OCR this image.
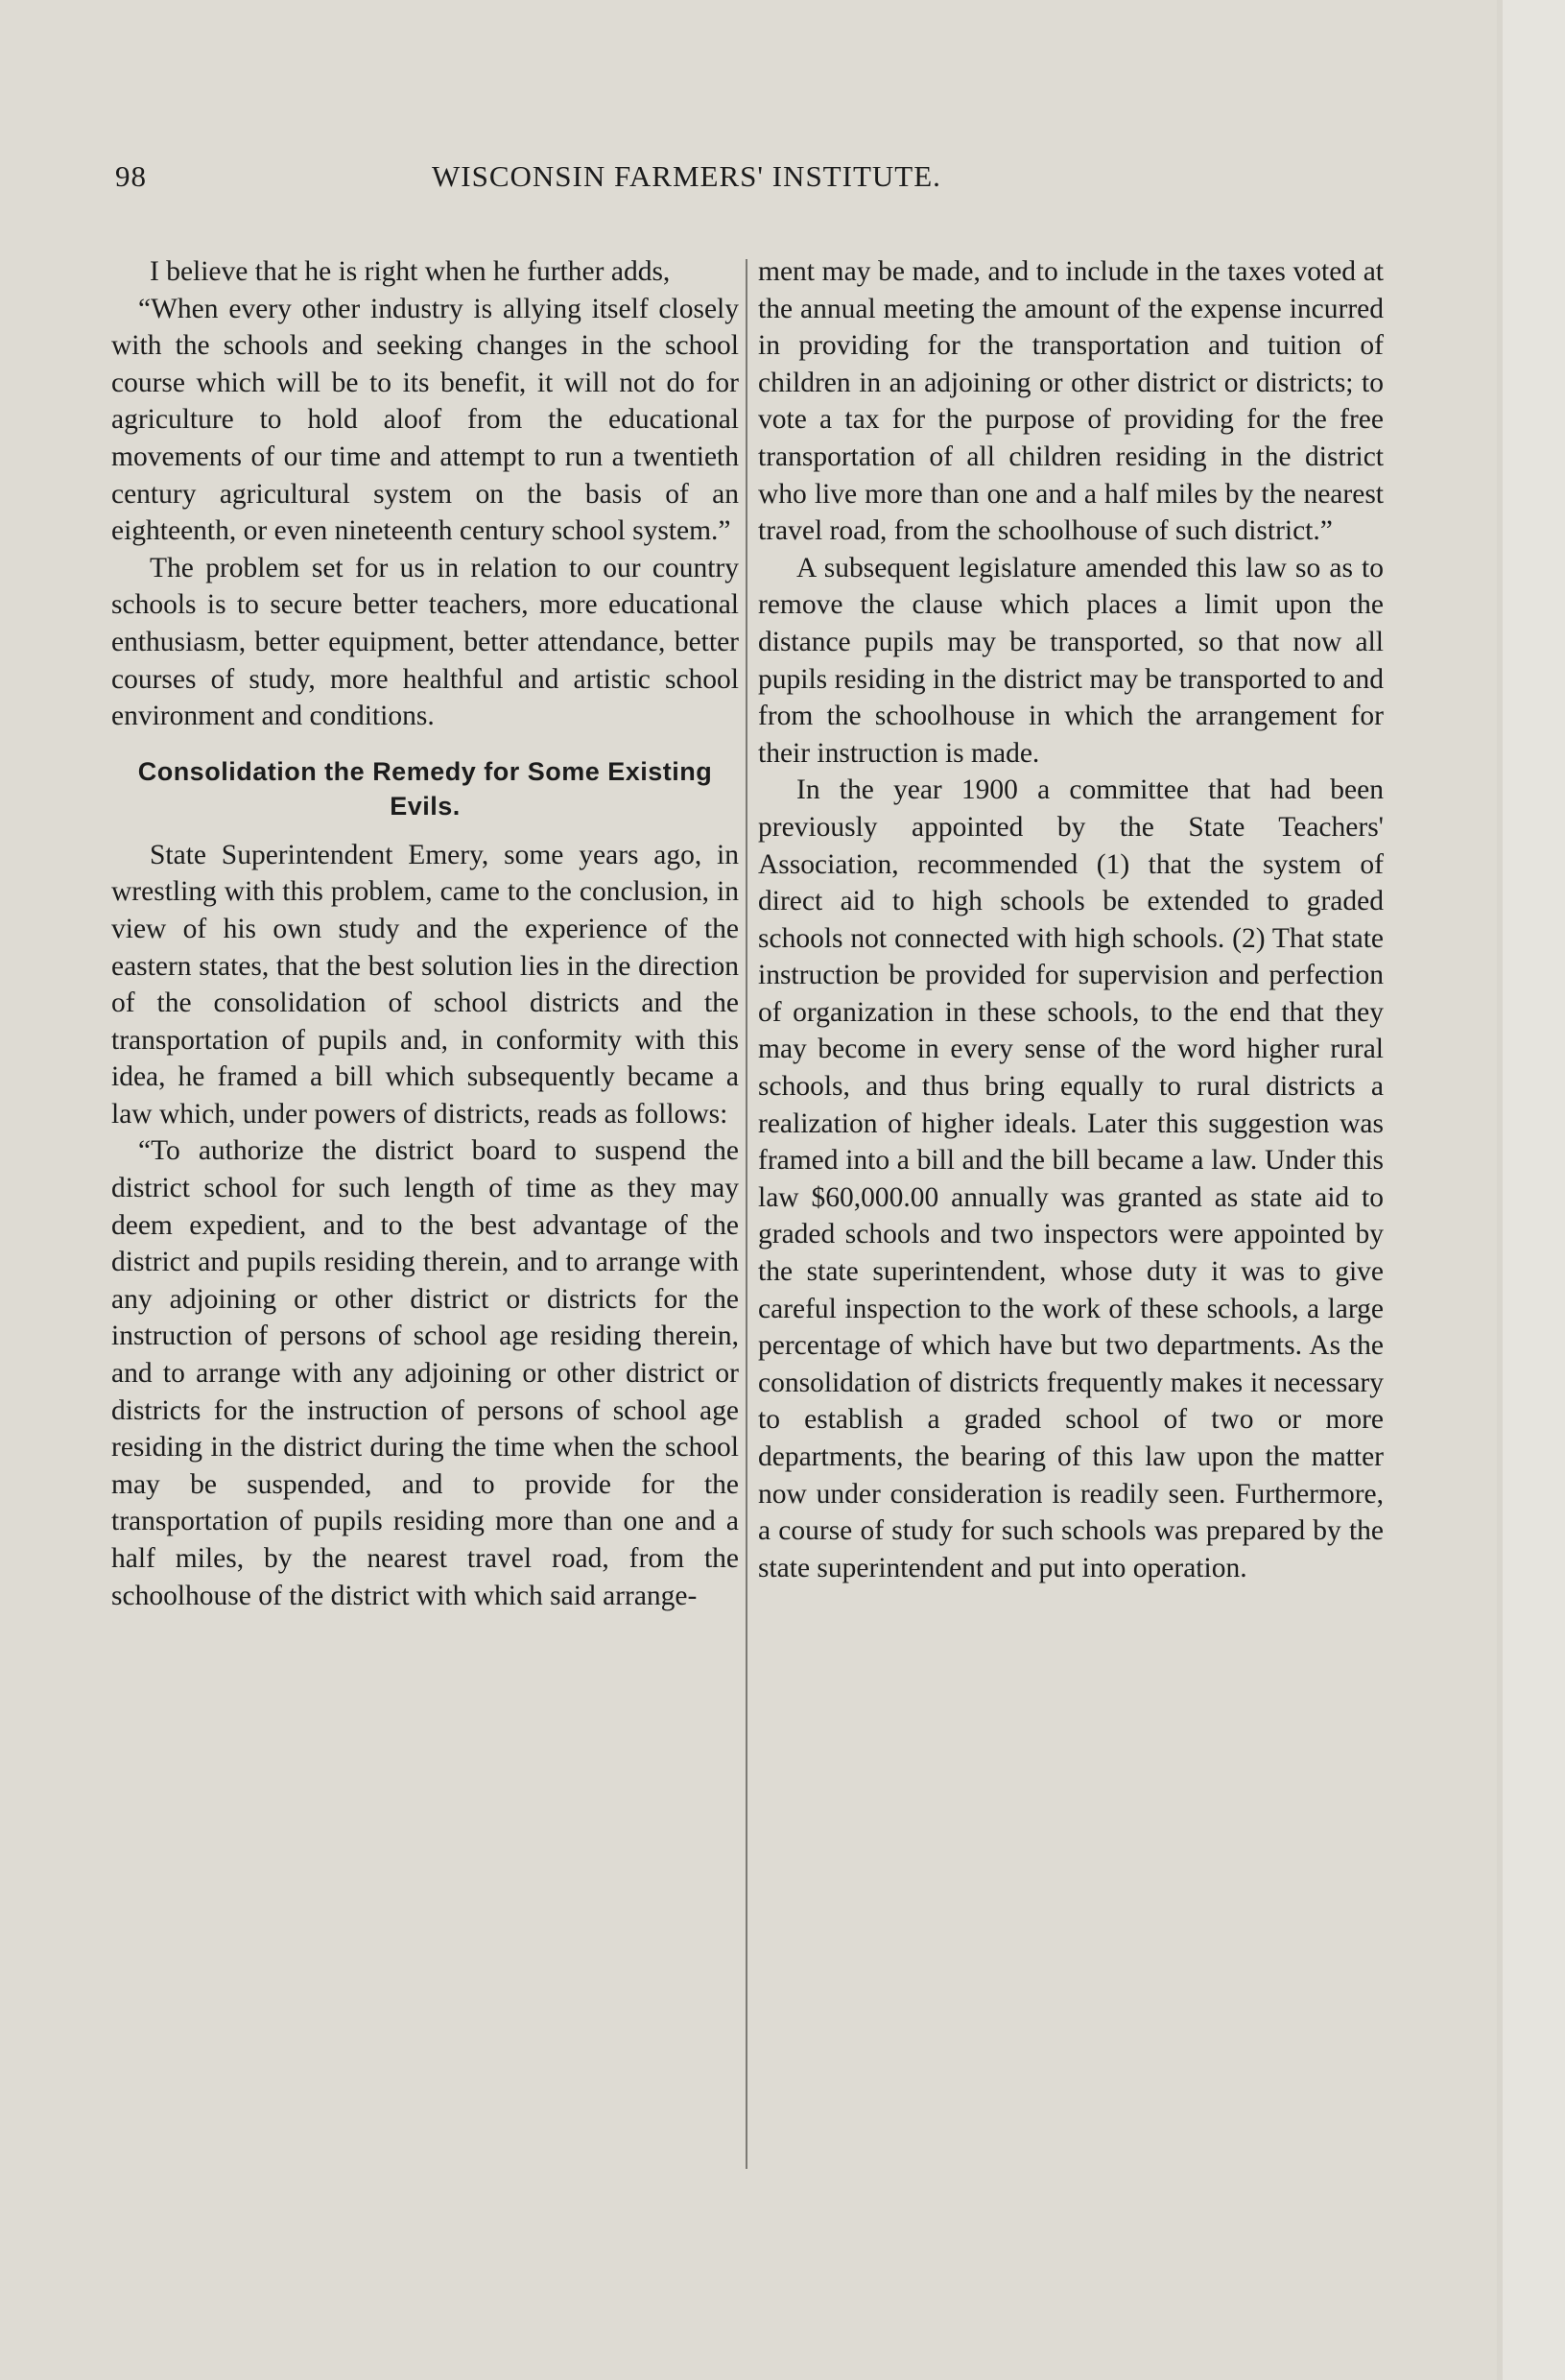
98	WISCONSIN FARMERS' INSTITUTE.

I believe that he is right when he further adds,

“When every other industry is allying itself closely with the schools and seeking changes in the school course which will be to its benefit, it will not do for agriculture to hold aloof from the educational movements of our time and attempt to run a twentieth century agricultural system on the basis of an eighteenth, or even nineteenth century school system.”

The problem set for us in relation to our country schools is to secure better teachers, more educational enthusiasm, better equipment, better attendance, better courses of study, more healthful and artistic school environment and conditions.

Consolidation the Remedy for Some Existing Evils.

State Superintendent Emery, some years ago, in wrestling with this problem, came to the conclusion, in view of his own study and the experience of the eastern states, that the best solution lies in the direction of the consolidation of school districts and the transportation of pupils and, in conformity with this idea, he framed a bill which subsequently became a law which, under powers of districts, reads as follows:

“To authorize the district board to suspend the district school for such length of time as they may deem expedient, and to the best advantage of the district and pupils residing therein, and to arrange with any adjoining or other district or districts for the instruction of persons of school age residing therein, and to arrange with any adjoining or other district or districts for the instruction of persons of school age residing in the district during the time when the school may be suspended, and to provide for the transportation of pupils residing more than one and a half miles, by the nearest travel road, from the schoolhouse of the district with which said arrange-

ment may be made, and to include in the taxes voted at the annual meeting the amount of the expense incurred in providing for the transportation and tuition of children in an adjoining or other district or districts; to vote a tax for the purpose of providing for the free transportation of all children residing in the district who live more than one and a half miles by the nearest travel road, from the schoolhouse of such district.”

A subsequent legislature amended this law so as to remove the clause which places a limit upon the distance pupils may be transported, so that now all pupils residing in the district may be transported to and from the schoolhouse in which the arrangement for their instruction is made.

In the year 1900 a committee that had been previously appointed by the State Teachers' Association, recommended (1) that the system of direct aid to high schools be extended to graded schools not connected with high schools. (2) That state instruction be provided for supervision and perfection of organization in these schools, to the end that they may become in every sense of the word higher rural schools, and thus bring equally to rural districts a realization of higher ideals. Later this suggestion was framed into a bill and the bill became a law. Under this law $60,000.00 annually was granted as state aid to graded schools and two inspectors were appointed by the state superintendent, whose duty it was to give careful inspection to the work of these schools, a large percentage of which have but two departments. As the consolidation of districts frequently makes it necessary to establish a graded school of two or more departments, the bearing of this law upon the matter now under consideration is readily seen. Furthermore, a course of study for such schools was prepared by the state superintendent and put into operation.
